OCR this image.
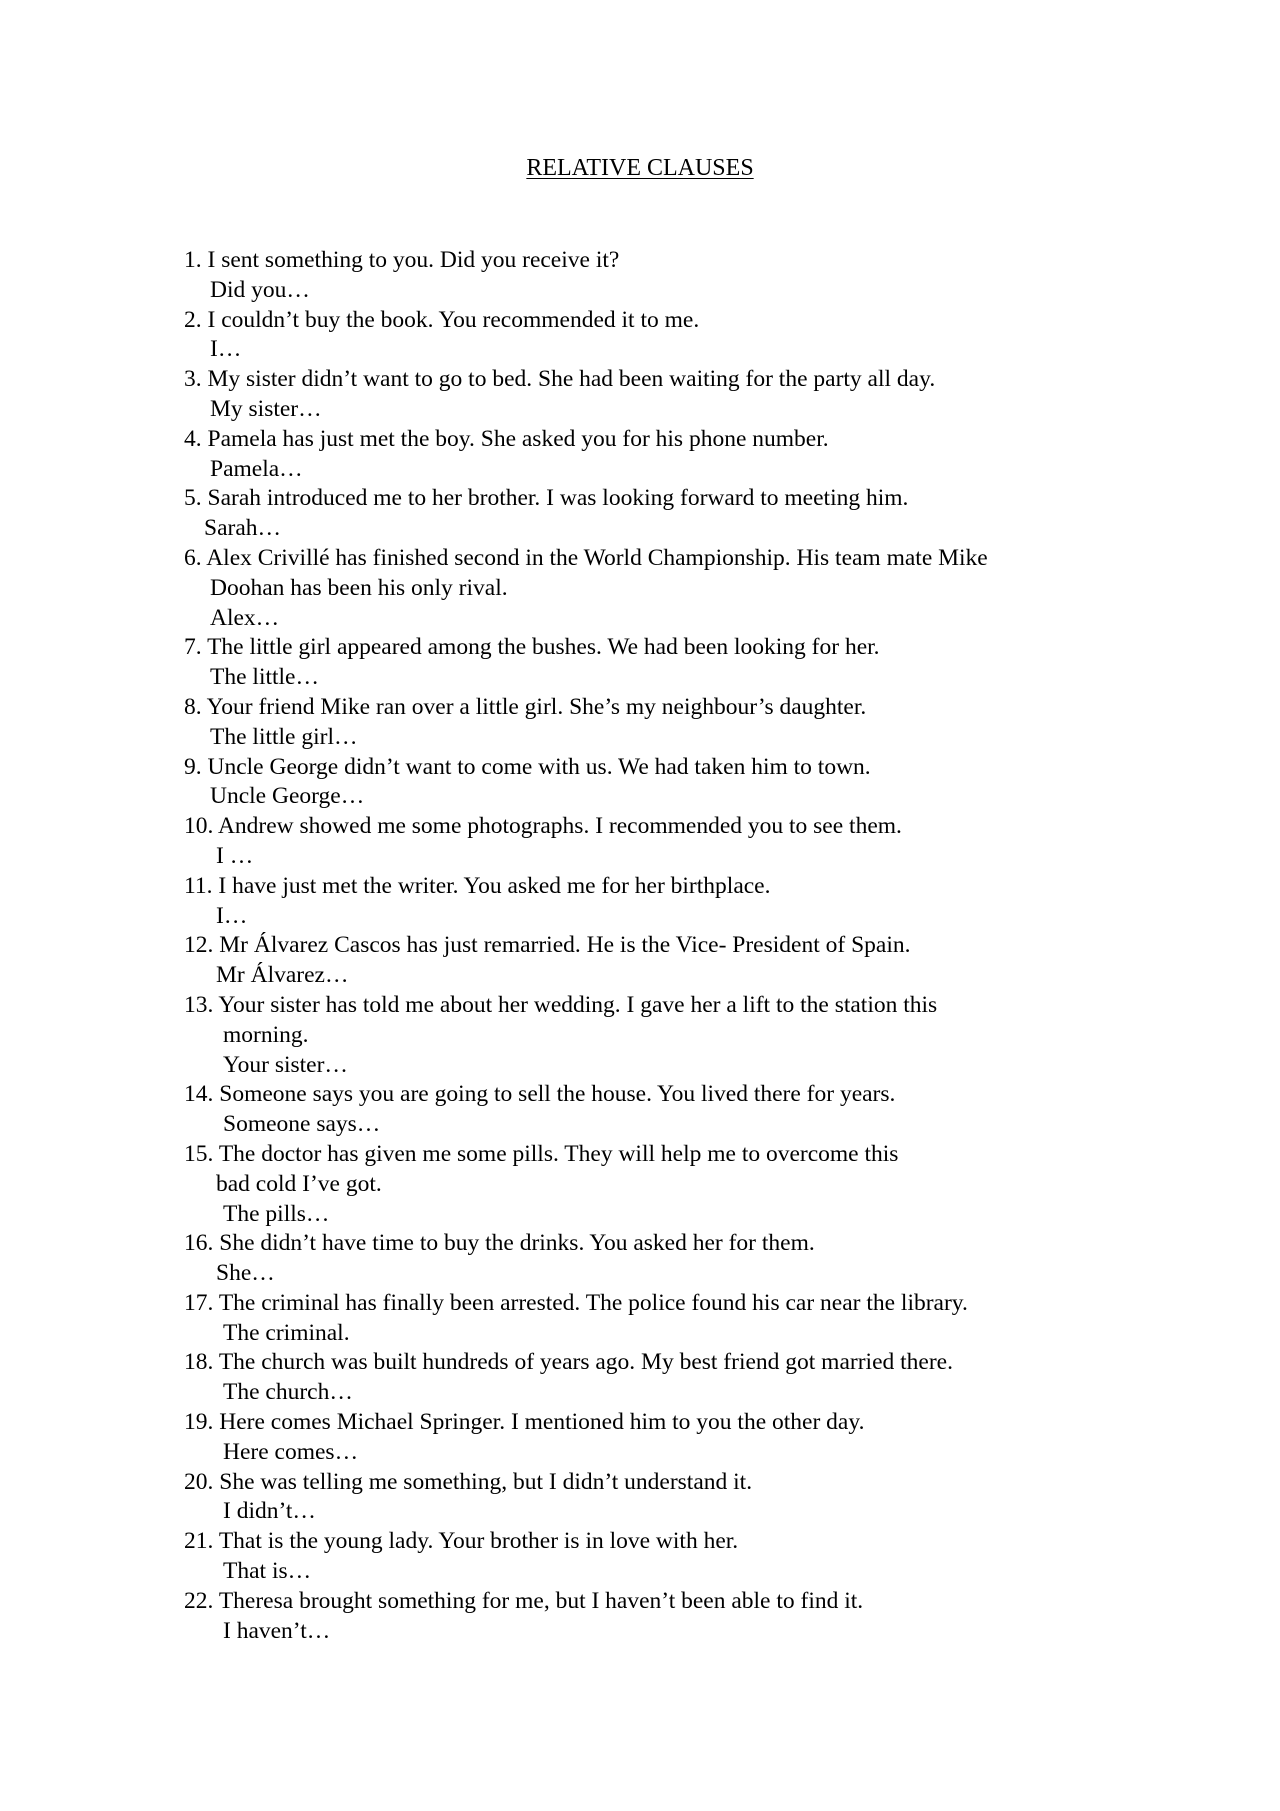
RELATIVE CLAUSES
1. I sent something to you. Did you receive it?
Did you…
2. I couldn’t buy the book. You recommended it to me.
I…
3. My sister didn’t want to go to bed. She had been waiting for the party all day.
My sister…
4. Pamela has just met the boy. She asked you for his phone number.
Pamela…
5. Sarah introduced me to her brother. I was looking forward to meeting him.
Sarah…
6. Alex Crivillé has finished second in the World Championship. His team mate Mike
Doohan has been his only rival.
Alex…
7. The little girl appeared among the bushes. We had been looking for her.
The little…
8. Your friend Mike ran over a little girl. She’s my neighbour’s daughter.
The little girl…
9. Uncle George didn’t want to come with us. We had taken him to town.
Uncle George…
10. Andrew showed me some photographs. I recommended you to see them.
I …
11. I have just met the writer. You asked me for her birthplace.
I…
12. Mr Álvarez Cascos has just remarried. He is the Vice- President of Spain.
Mr Álvarez…
13. Your sister has told me about her wedding. I gave her a lift to the station this
morning.
Your sister…
14. Someone says you are going to sell the house. You lived there for years.
Someone says…
15. The doctor has given me some pills. They will help me to overcome this
bad cold I’ve got.
The pills…
16. She didn’t have time to buy the drinks. You asked her for them.
She…
17. The criminal has finally been arrested. The police found his car near the library.
The criminal.
18. The church was built hundreds of years ago. My best friend got married there.
The church…
19. Here comes Michael Springer. I mentioned him to you the other day.
Here comes…
20. She was telling me something, but I didn’t understand it.
I didn’t…
21. That is the young lady. Your brother is in love with her.
That is…
22. Theresa brought something for me, but I haven’t been able to find it.
I haven’t…
